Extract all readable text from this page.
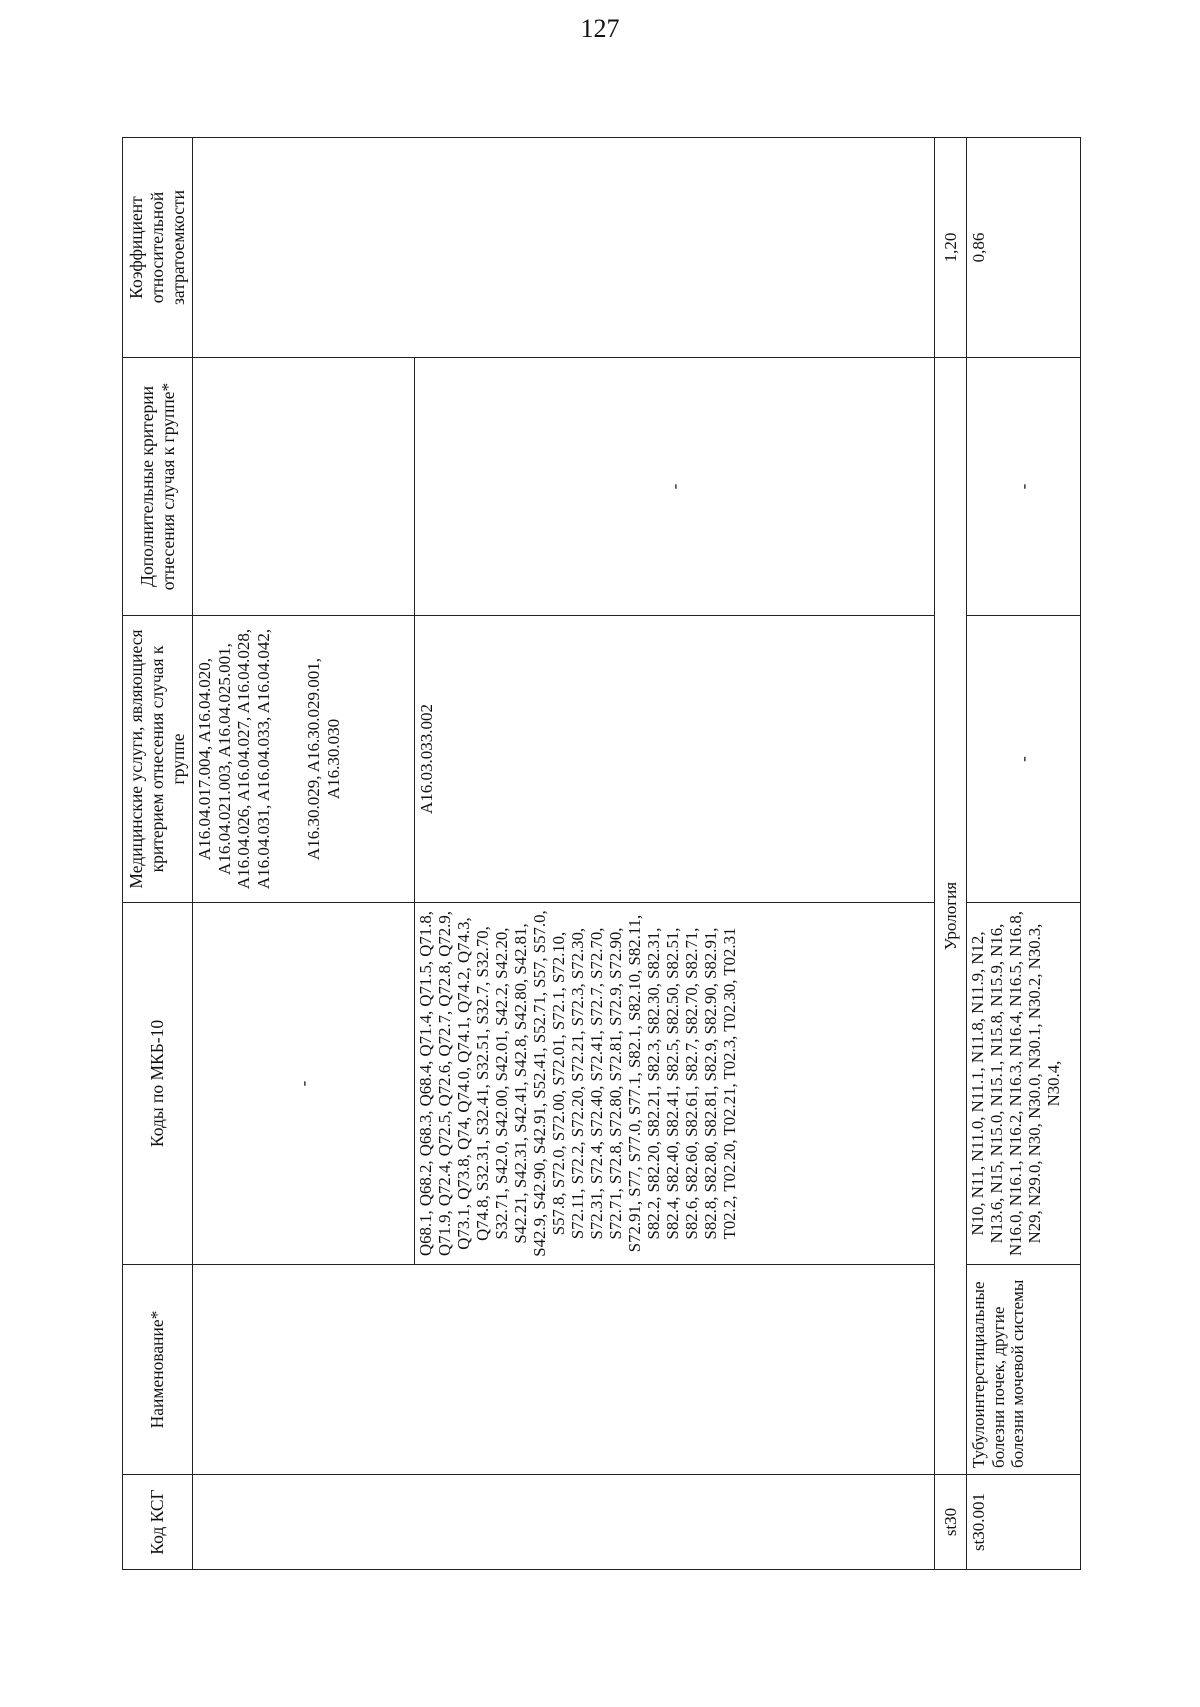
127
Код КСГ	Наименование*	Коды по МКБ-10	Медицинские услуги, являющиеся критерием отнесения случая к группе	Дополнительные критерии отнесения случая к группе*	Коэффициент относительной затратоемкости
		-	A16.04.017.004, A16.04.020, A16.04.021.003, A16.04.025.001, A16.04.026, A16.04.027, A16.04.028, A16.04.031, A16.04.033, A16.04.042, A16.30.029, A16.30.029.001, A16.30.030		
		Q68.1, Q68.2, Q68.3, Q68.4, Q71.4, Q71.5, Q71.8, Q71.9, Q72.4, Q72.5, Q72.6, Q72.7, Q72.8, Q72.9, Q73.1, Q73.8, Q74, Q74.0, Q74.1, Q74.2, Q74.3, Q74.8, S32.31, S32.41, S32.51, S32.7, S32.70, S32.71, S42.0, S42.00, S42.01, S42.2, S42.20, S42.21, S42.31, S42.41, S42.8, S42.80, S42.81, S42.9, S42.90, S42.91, S52.41, S52.71, S57, S57.0, S57.8, S72.0, S72.00, S72.01, S72.1, S72.10, S72.11, S72.2, S72.20, S72.21, S72.3, S72.30, S72.31, S72.4, S72.40, S72.41, S72.7, S72.70, S72.71, S72.8, S72.80, S72.81, S72.9, S72.90, S72.91, S77, S77.0, S77.1, S82.1, S82.10, S82.11, S82.2, S82.20, S82.21, S82.3, S82.30, S82.31, S82.4, S82.40, S82.41, S82.5, S82.50, S82.51, S82.6, S82.60, S82.61, S82.7, S82.70, S82.71, S82.8, S82.80, S82.81, S82.9, S82.90, S82.91, T02.2, T02.20, T02.21, T02.3, T02.30, T02.31	A16.03.033.002	-	
st30	Урология				1,20
st30.001	Тубулоинтерстициальные болезни почек, другие болезни мочевой системы	N10, N11, N11.0, N11.1, N11.8, N11.9, N12, N13.6, N15, N15.0, N15.1, N15.8, N15.9, N16, N16.0, N16.1, N16.2, N16.3, N16.4, N16.5, N16.8, N29, N29.0, N30, N30.0, N30.1, N30.2, N30.3, N30.4,	-	-	0,86
